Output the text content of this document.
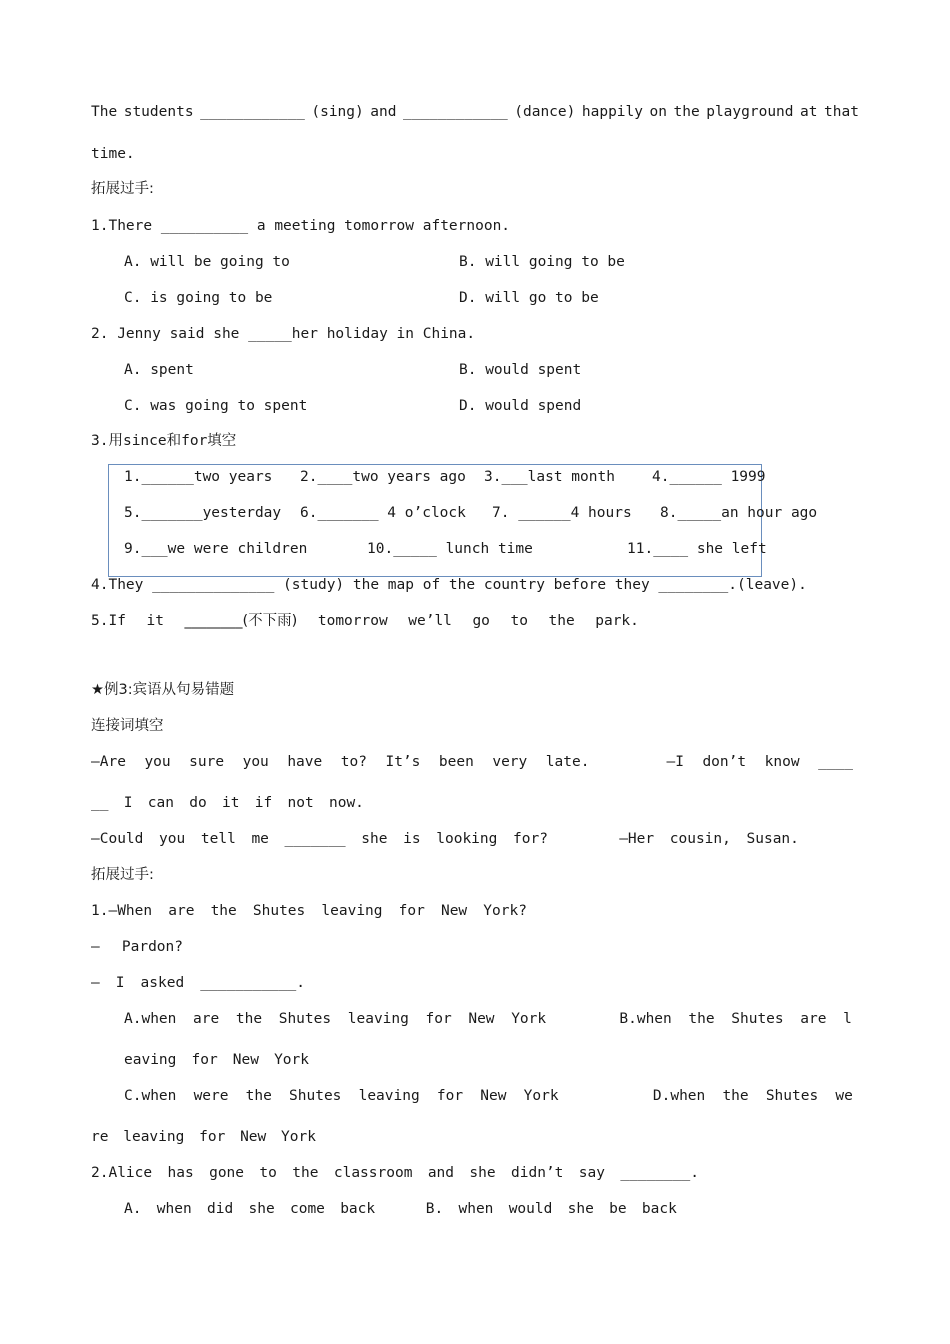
The students ____________ (sing) and ____________ (dance) happily on the playground at that
time.
拓展过手:
1.There __________ a meeting tomorrow afternoon.
A. will be going to	B. will going to be
C. is going to be	D. will go to be
2. Jenny said she _____her holiday in China.
A. spent	B. would spent
C. was going to spent	D. would spend
3.用since和for填空
1.______two years 2.____two years ago 3.___last month	4.______ 1999
5._______yesterday 6._______ 4 o’clock 7. ______4 hours 8._____an hour ago
9.___we were children	10._____ lunch time	11.____ she left
4.They ______________ (study) the map of the country before they ________.(leave).
5.If it ________(不下雨) tomorrow we’ll go to the park.
★例3:宾语从句易错题
连接词填空
—Are you sure you have to? It’s been very late.	—I don’t know ____
__ I can do it if not now.
—Could you tell me _______ she is looking for?	—Her cousin, Susan.
拓展过手:
1.—When are the Shutes leaving for New York?
— Pardon?
— I asked ___________.
A.when are the Shutes leaving for New York	B.when the Shutes are l
eaving for New York
C.when were the Shutes leaving for New York	D.when the Shutes we
re leaving for New York
2.Alice has gone to the classroom and she didn’t say ________.
A. when did she come back	B. when would she be back
